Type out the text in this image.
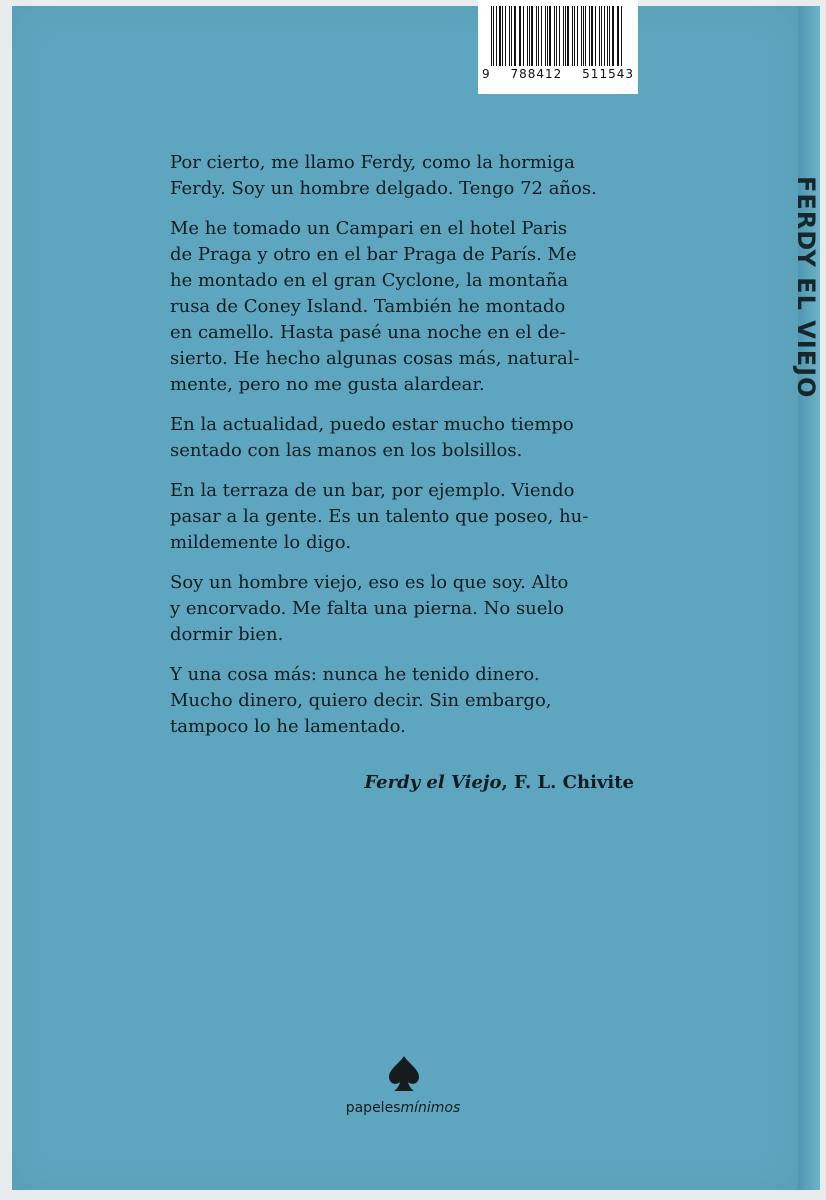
FERDY EL VIEJO
9 788412 511543

Por cierto, me llamo Ferdy, como la hormiga
Ferdy. Soy un hombre delgado. Tengo 72 años.

Me he tomado un Campari en el hotel Paris
de Praga y otro en el bar Praga de París. Me
he montado en el gran Cyclone, la montaña
rusa de Coney Island. También he montado
en camello. Hasta pasé una noche en el de-
sierto. He hecho algunas cosas más, natural-
mente, pero no me gusta alardear.

En la actualidad, puedo estar mucho tiempo
sentado con las manos en los bolsillos.

En la terraza de un bar, por ejemplo. Viendo
pasar a la gente. Es un talento que poseo, hu-
mildemente lo digo.

Soy un hombre viejo, eso es lo que soy. Alto
y encorvado. Me falta una pierna. No suelo
dormir bien.

Y una cosa más: nunca he tenido dinero.
Mucho dinero, quiero decir. Sin embargo,
tampoco lo he lamentado.

Ferdy el Viejo, F. L. Chivite
papelesmínimos
